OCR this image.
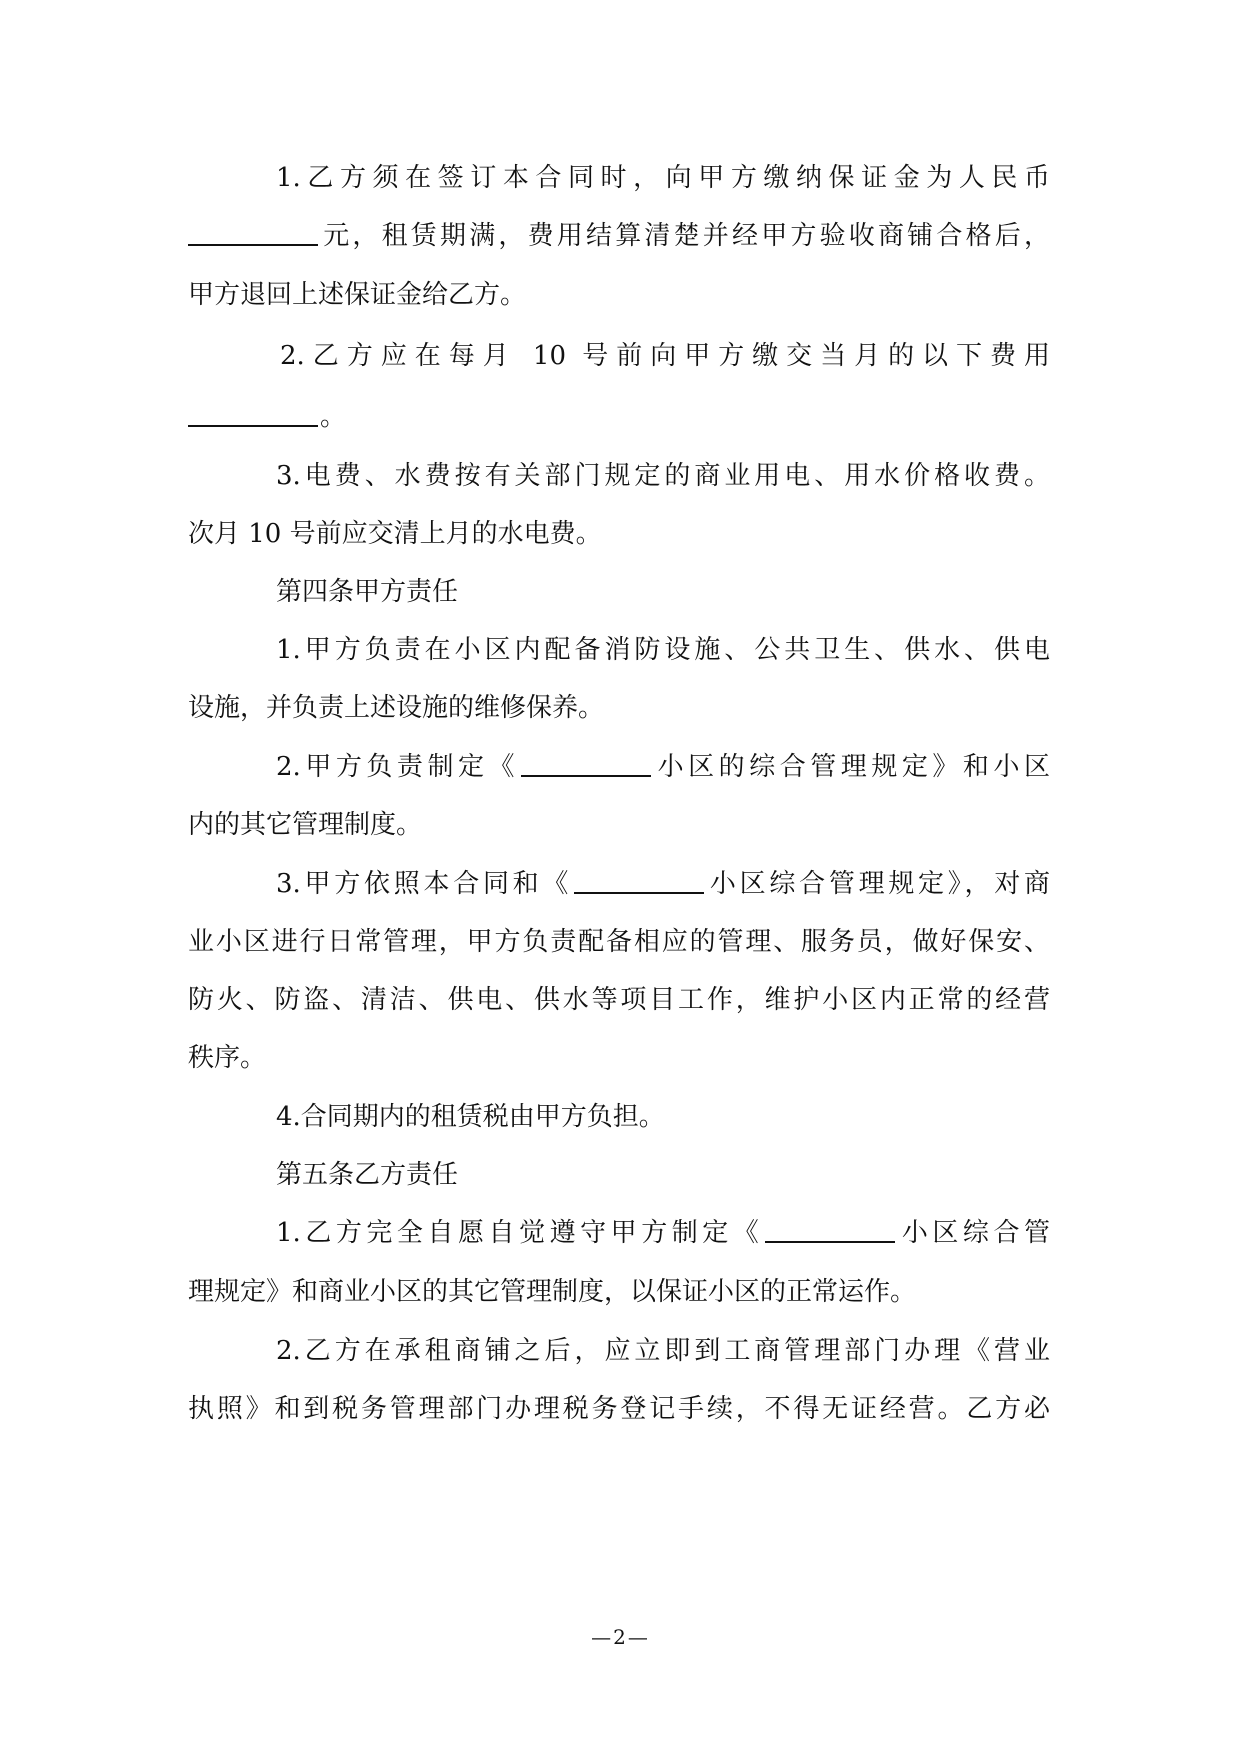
1.乙方须在签订本合同时，向甲方缴纳保证金为人民币
元，租赁期满，费用结算清楚并经甲方验收商铺合格后，
甲方退回上述保证金给乙方。
2.乙方应在每月 10 号前向甲方缴交当月的以下费用
。
3.电费、水费按有关部门规定的商业用电、用水价格收费。
次月 10 号前应交清上月的水电费。
第四条甲方责任
1.甲方负责在小区内配备消防设施、公共卫生、供水、供电
设施，并负责上述设施的维修保养。
2.甲方负责制定《	小区的综合管理规定》和小区
内的其它管理制度。
3.甲方依照本合同和《	小区综合管理规定》，对商
业小区进行日常管理，甲方负责配备相应的管理、服务员，做好保安、
防火、防盗、清洁、供电、供水等项目工作，维护小区内正常的经营
秩序。
4.合同期内的租赁税由甲方负担。
第五条乙方责任
1.乙方完全自愿自觉遵守甲方制定《	小区综合管
理规定》和商业小区的其它管理制度，以保证小区的正常运作。
2.乙方在承租商铺之后，应立即到工商管理部门办理《营业
执照》和到税务管理部门办理税务登记手续，不得无证经营。乙方必
—2—
